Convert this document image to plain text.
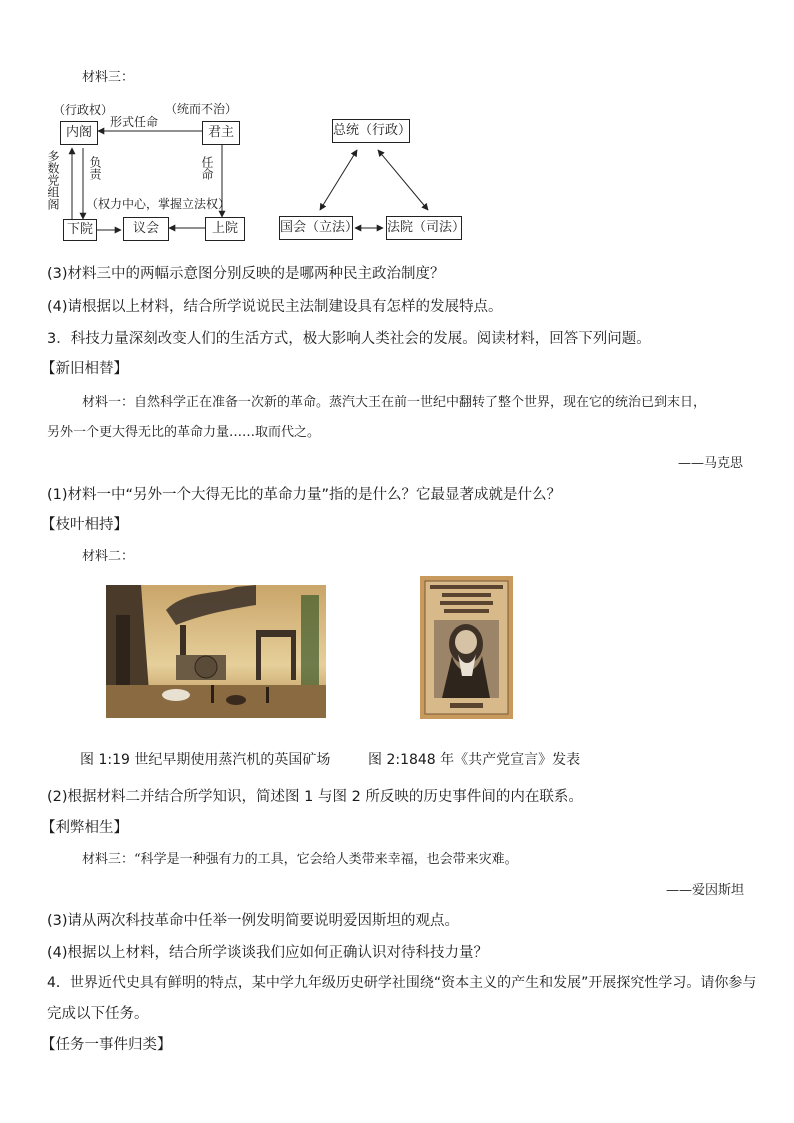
材料三：
（行政权）	（统而不治）
内阁	君主
形式任命
多数党组阁 负责	任命
（权力中心，掌握立法权）
下院	议会	上院
总统（行政）
国会（立法） 法院（司法）
(3)材料三中的两幅示意图分别反映的是哪两种民主政治制度？
(4)请根据以上材料，结合所学说说民主法制建设具有怎样的发展特点。
3．科技力量深刻改变人们的生活方式，极大影响人类社会的发展。阅读材料，回答下列问题。
【新旧相替】
材料一：自然科学正在准备一次新的革命。蒸汽大王在前一世纪中翻转了整个世界，现在它的统治已到末日，
另外一个更大得无比的革命力量……取而代之。
——马克思
(1)材料一中“另外一个大得无比的革命力量”指的是什么？它最显著成就是什么？
【枝叶相持】
材料二：
图 1:19 世纪早期使用蒸汽机的英国矿场	图 2:1848 年《共产党宣言》发表
(2)根据材料二并结合所学知识，简述图 1 与图 2 所反映的历史事件间的内在联系。
【利弊相生】
材料三：“科学是一种强有力的工具，它会给人类带来幸福，也会带来灾难。
——爱因斯坦
(3)请从两次科技革命中任举一例发明简要说明爱因斯坦的观点。
(4)根据以上材料，结合所学谈谈我们应如何正确认识对待科技力量？
4．世界近代史具有鲜明的特点，某中学九年级历史研学社围绕“资本主义的产生和发展”开展探究性学习。请你参与
完成以下任务。
【任务一事件归类】
